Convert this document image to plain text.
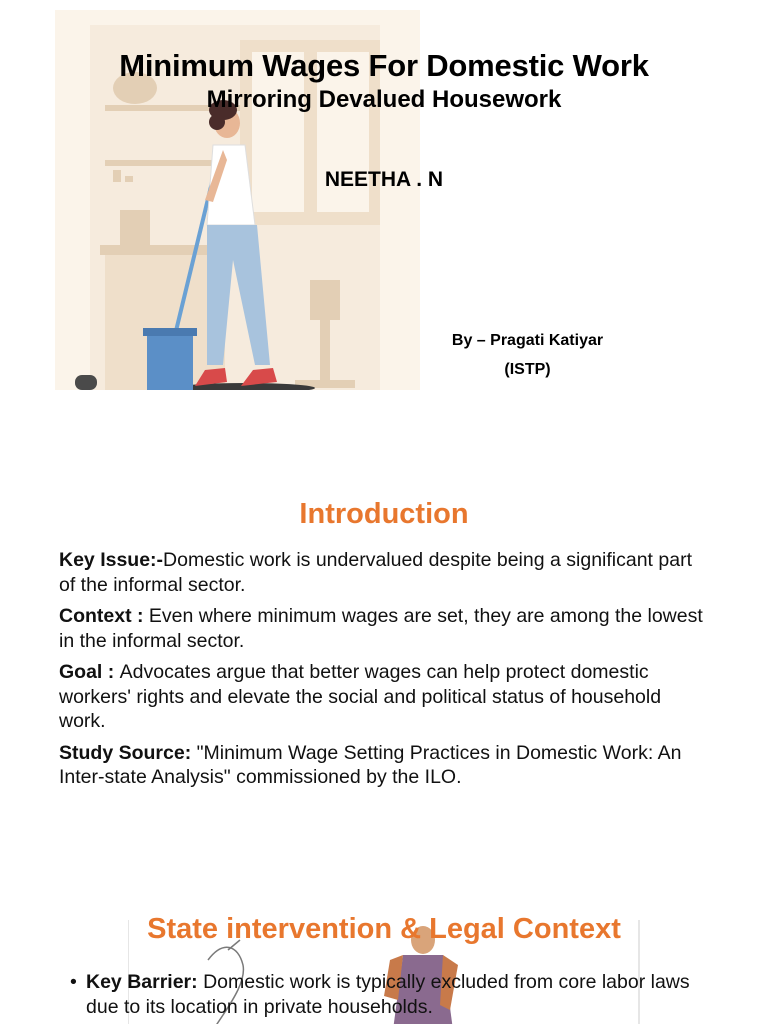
Minimum Wages For Domestic Work
Mirroring Devalued Housework
NEETHA . N
By – Pragati Katiyar
(ISTP)
Introduction

Key Issue:-Domestic work is undervalued despite being a significant part of the informal sector.

Context : Even where minimum wages are set, they are among the lowest in the informal sector.

Goal : Advocates argue that better wages can help protect domestic workers' rights and elevate the social and political status of household work.

Study Source: "Minimum Wage Setting Practices in Domestic Work: An Inter-state Analysis" commissioned by the ILO.

State intervention & Legal Context
• Key Barrier: Domestic work is typically excluded from core labor laws due to its location in private households.
